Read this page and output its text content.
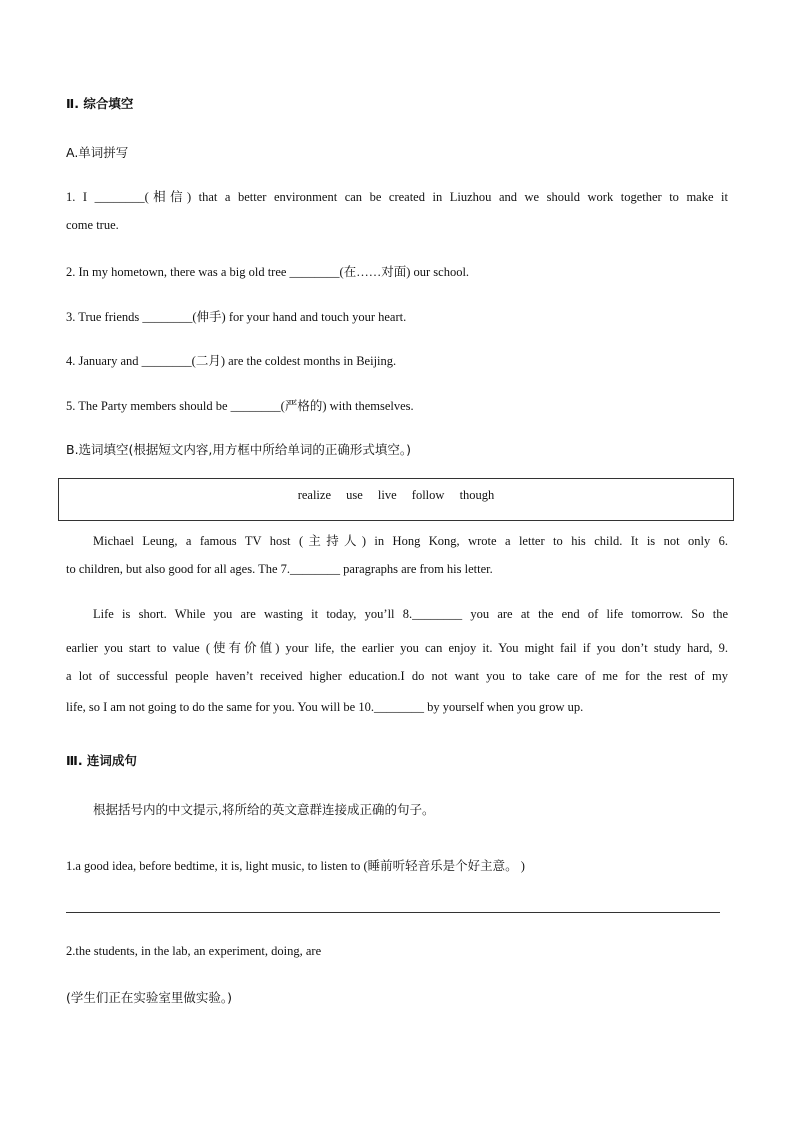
Ⅱ. 综合填空
A.单词拼写
1. I ________(相信) that a better environment can be created in Liuzhou and we should work together to make it
come true.
2. In my hometown, there was a big old tree ________(在……对面) our school.
3. True friends ________(伸手) for your hand and touch your heart.
4. January and ________(二月) are the coldest months in Beijing.
5. The Party members should be ________(严格的) with themselves.
B.选词填空(根据短文内容,用方框中所给单词的正确形式填空。)
realize use live follow though
Michael Leung, a famous TV host (主持人) in Hong Kong, wrote a letter to his child. It is not only 6.
to children, but also good for all ages. The 7.________ paragraphs are from his letter.
Life is short. While you are wasting it today, you’ll 8.________ you are at the end of life tomorrow. So the
earlier you start to value (使有价值) your life, the earlier you can enjoy it. You might fail if you don’t study hard, 9.
a lot of successful people haven’t received higher education.I do not want you to take care of me for the rest of my
life, so I am not going to do the same for you. You will be 10.________ by yourself when you grow up.
Ⅲ. 连词成句
根据括号内的中文提示,将所给的英文意群连接成正确的句子。
1.a good idea, before bedtime, it is, light music, to listen to (睡前听轻音乐是个好主意。 )
2.the students, in the lab, an experiment, doing, are
(学生们正在实验室里做实验。)
